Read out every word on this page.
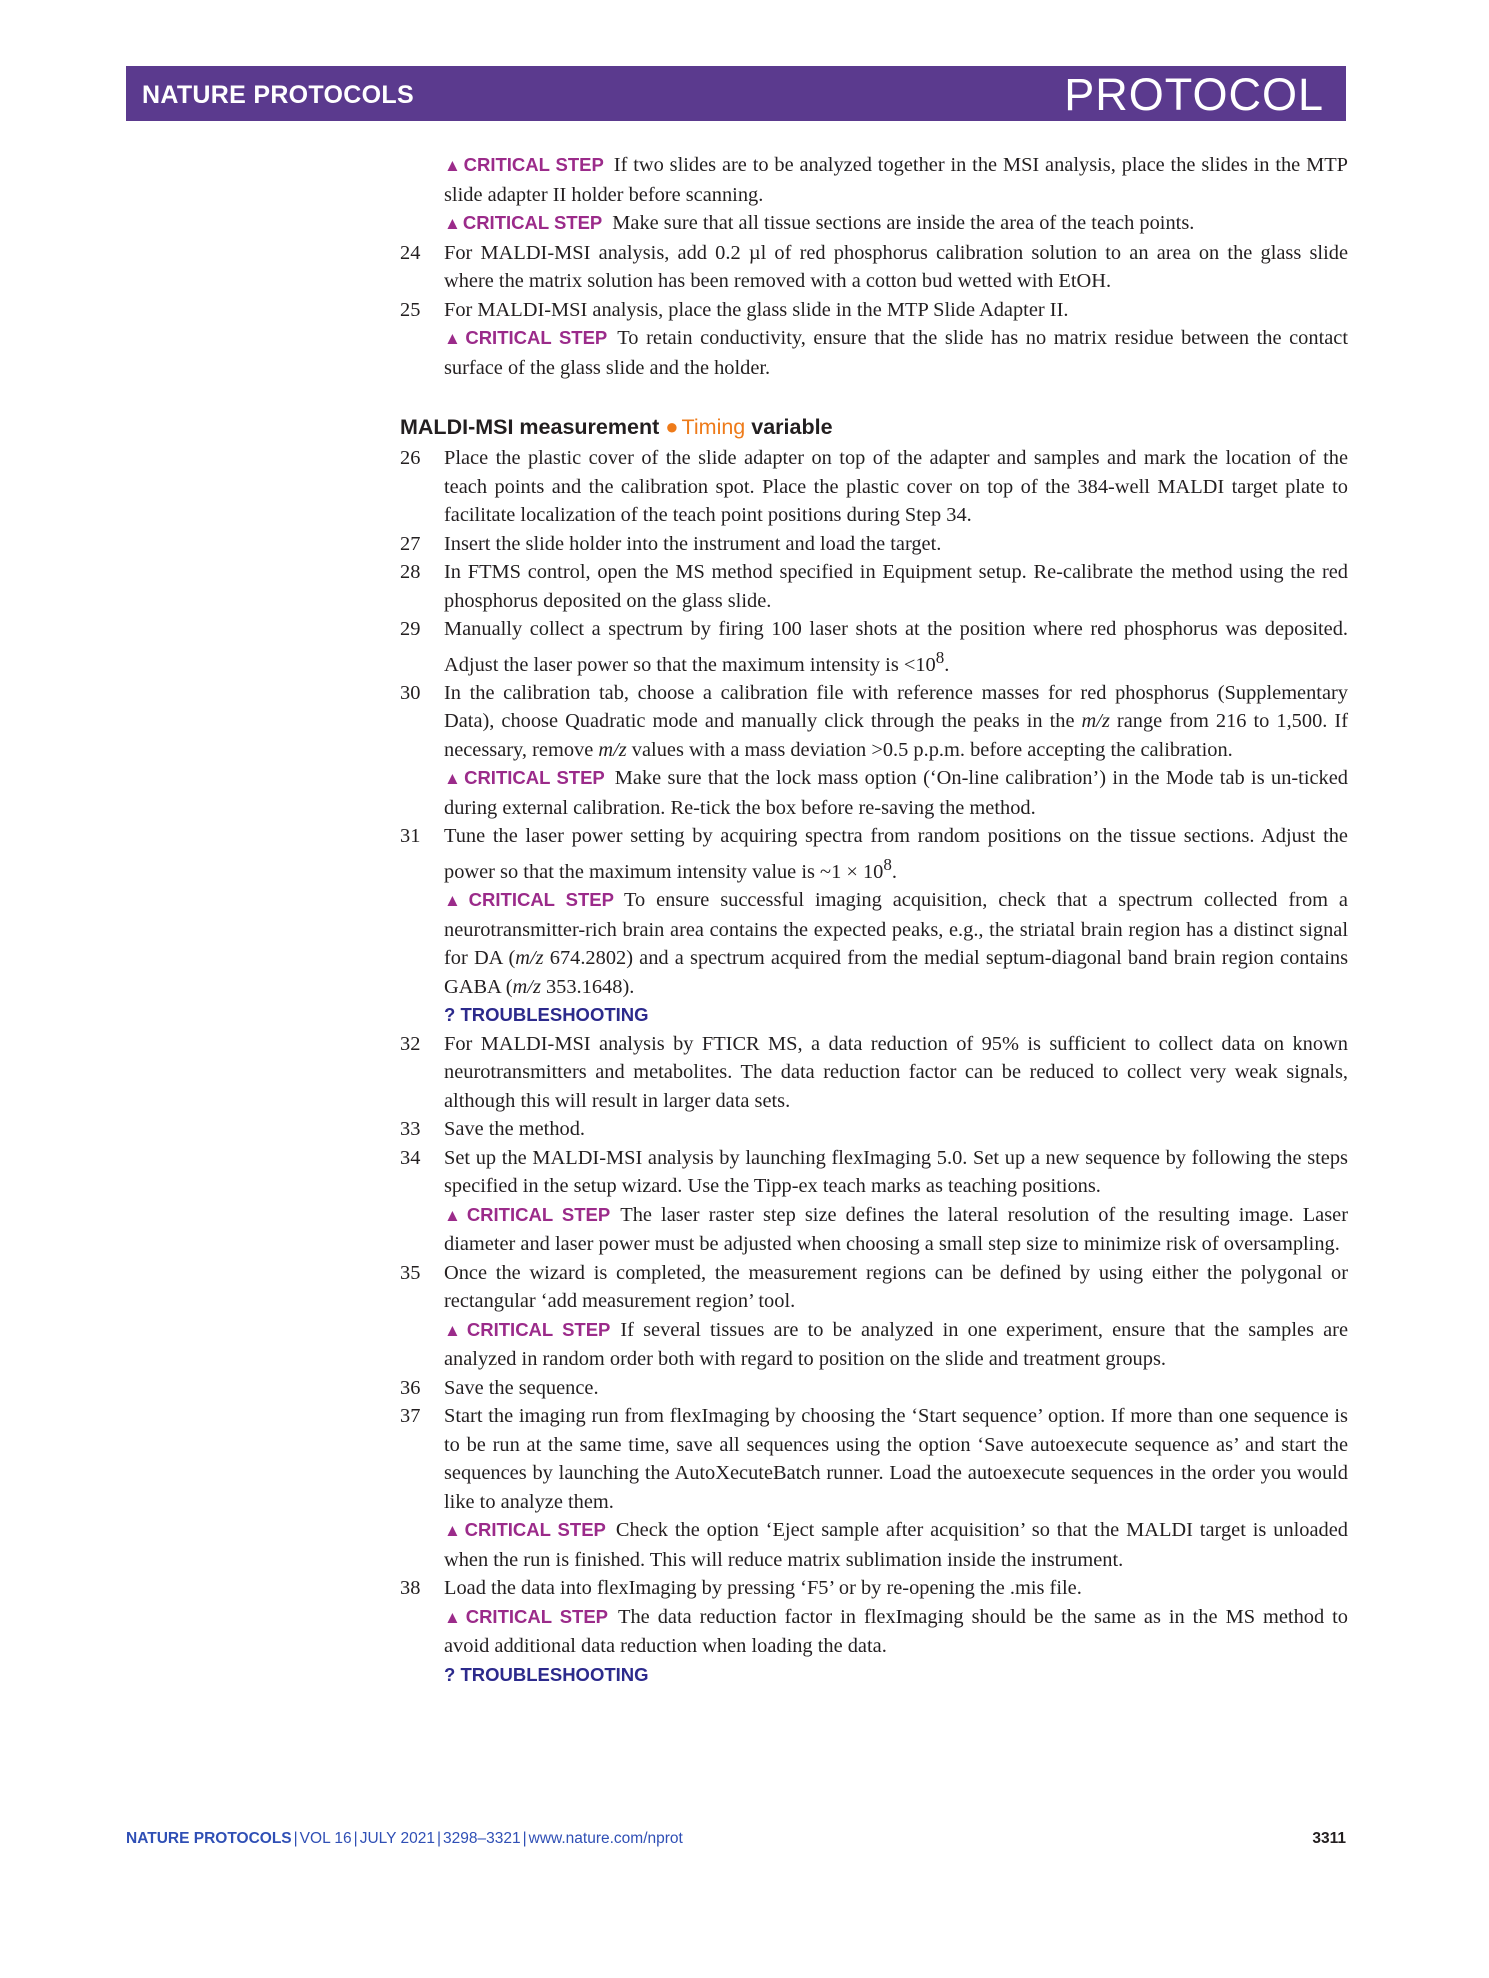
NATURE PROTOCOLS	PROTOCOL
▲ CRITICAL STEP If two slides are to be analyzed together in the MSI analysis, place the slides in the MTP slide adapter II holder before scanning.
▲ CRITICAL STEP Make sure that all tissue sections are inside the area of the teach points.
24 For MALDI-MSI analysis, add 0.2 µl of red phosphorus calibration solution to an area on the glass slide where the matrix solution has been removed with a cotton bud wetted with EtOH.
25 For MALDI-MSI analysis, place the glass slide in the MTP Slide Adapter II.
▲ CRITICAL STEP To retain conductivity, ensure that the slide has no matrix residue between the contact surface of the glass slide and the holder.
MALDI-MSI measurement ● Timing variable
26 Place the plastic cover of the slide adapter on top of the adapter and samples and mark the location of the teach points and the calibration spot. Place the plastic cover on top of the 384-well MALDI target plate to facilitate localization of the teach point positions during Step 34.
27 Insert the slide holder into the instrument and load the target.
28 In FTMS control, open the MS method specified in Equipment setup. Re-calibrate the method using the red phosphorus deposited on the glass slide.
29 Manually collect a spectrum by firing 100 laser shots at the position where red phosphorus was deposited. Adjust the laser power so that the maximum intensity is $<10^8$.
30 In the calibration tab, choose a calibration file with reference masses for red phosphorus (Supplementary Data), choose Quadratic mode and manually click through the peaks in the m/z range from 216 to 1,500. If necessary, remove m/z values with a mass deviation >0.5 p.p.m. before accepting the calibration.
▲ CRITICAL STEP Make sure that the lock mass option (‘On-line calibration’) in the Mode tab is un-ticked during external calibration. Re-tick the box before re-saving the method.
31 Tune the laser power setting by acquiring spectra from random positions on the tissue sections. Adjust the power so that the maximum intensity value is ~1 × $10^8$.
▲ CRITICAL STEP To ensure successful imaging acquisition, check that a spectrum collected from a neurotransmitter-rich brain area contains the expected peaks, e.g., the striatal brain region has a distinct signal for DA (m/z 674.2802) and a spectrum acquired from the medial septum-diagonal band brain region contains GABA (m/z 353.1648).
? TROUBLESHOOTING
32 For MALDI-MSI analysis by FTICR MS, a data reduction of 95% is sufficient to collect data on known neurotransmitters and metabolites. The data reduction factor can be reduced to collect very weak signals, although this will result in larger data sets.
33 Save the method.
34 Set up the MALDI-MSI analysis by launching flexImaging 5.0. Set up a new sequence by following the steps specified in the setup wizard. Use the Tipp-ex teach marks as teaching positions.
▲ CRITICAL STEP The laser raster step size defines the lateral resolution of the resulting image. Laser diameter and laser power must be adjusted when choosing a small step size to minimize risk of oversampling.
35 Once the wizard is completed, the measurement regions can be defined by using either the polygonal or rectangular ‘add measurement region’ tool.
▲ CRITICAL STEP If several tissues are to be analyzed in one experiment, ensure that the samples are analyzed in random order both with regard to position on the slide and treatment groups.
36 Save the sequence.
37 Start the imaging run from flexImaging by choosing the ‘Start sequence’ option. If more than one sequence is to be run at the same time, save all sequences using the option ‘Save autoexecute sequence as’ and start the sequences by launching the AutoXecuteBatch runner. Load the autoexecute sequences in the order you would like to analyze them.
▲ CRITICAL STEP Check the option ‘Eject sample after acquisition’ so that the MALDI target is unloaded when the run is finished. This will reduce matrix sublimation inside the instrument.
38 Load the data into flexImaging by pressing ‘F5’ or by re-opening the .mis file.
▲ CRITICAL STEP The data reduction factor in flexImaging should be the same as in the MS method to avoid additional data reduction when loading the data.
? TROUBLESHOOTING
NATURE PROTOCOLS | VOL 16 | JULY 2021 | 3298–3321 | www.nature.com/nprot	3311
